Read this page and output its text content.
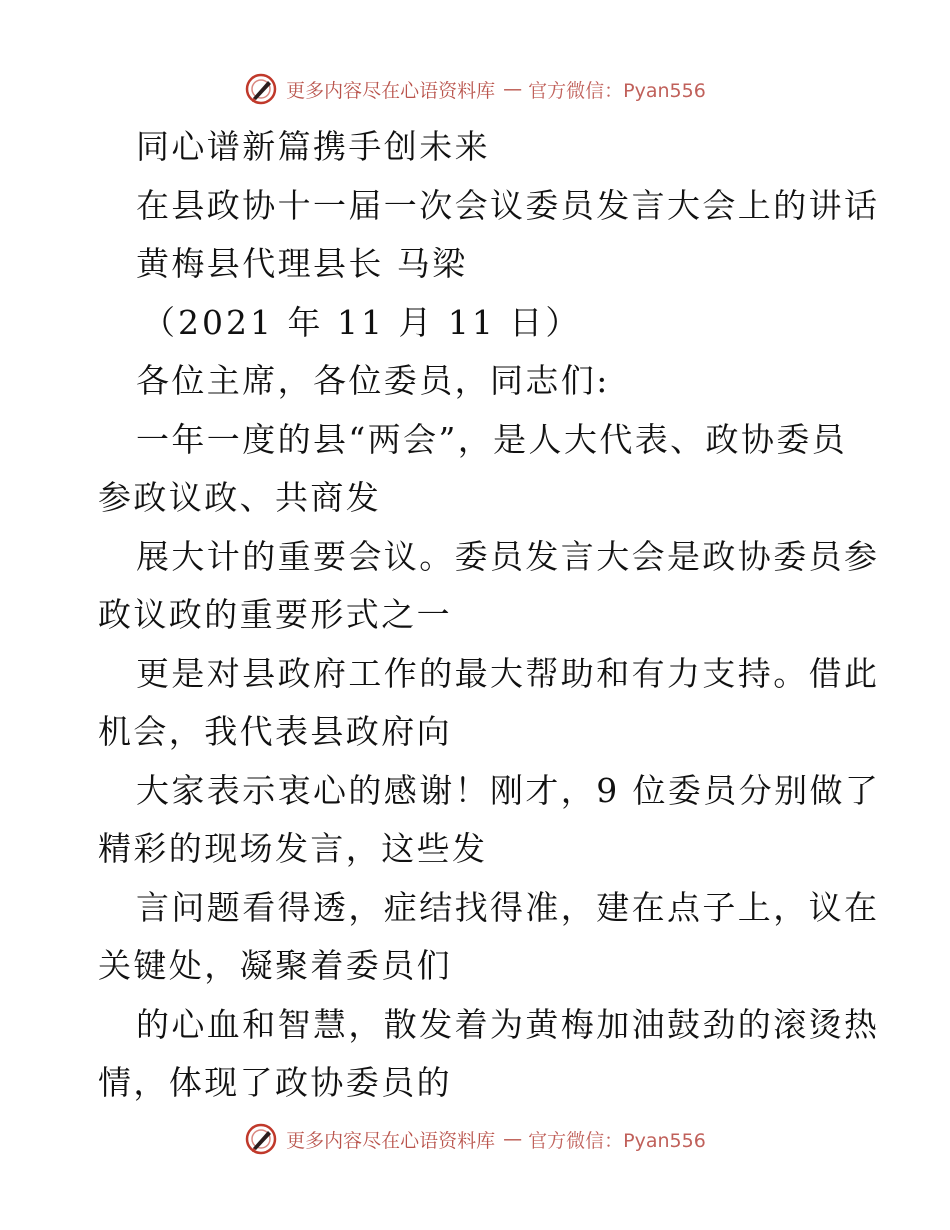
更多内容尽在心语资料库 — 官方微信：Pyan556
同心谱新篇携手创未来
在县政协十一届一次会议委员发言大会上的讲话
黄梅县代理县长 马梁
（2021 年 11 月 11 日）
各位主席，各位委员，同志们:
一年一度的县“两会”，是人大代表、政协委员
参政议政、共商发
展大计的重要会议。委员发言大会是政协委员参
政议政的重要形式之一
更是对县政府工作的最大帮助和有力支持。借此
机会，我代表县政府向
大家表示衷心的感谢！刚才，9 位委员分别做了
精彩的现场发言，这些发
言问题看得透，症结找得准，建在点子上，议在
关键处，凝聚着委员们
的心血和智慧，散发着为黄梅加油鼓劲的滚烫热
情，体现了政协委员的
更多内容尽在心语资料库 — 官方微信：Pyan556
